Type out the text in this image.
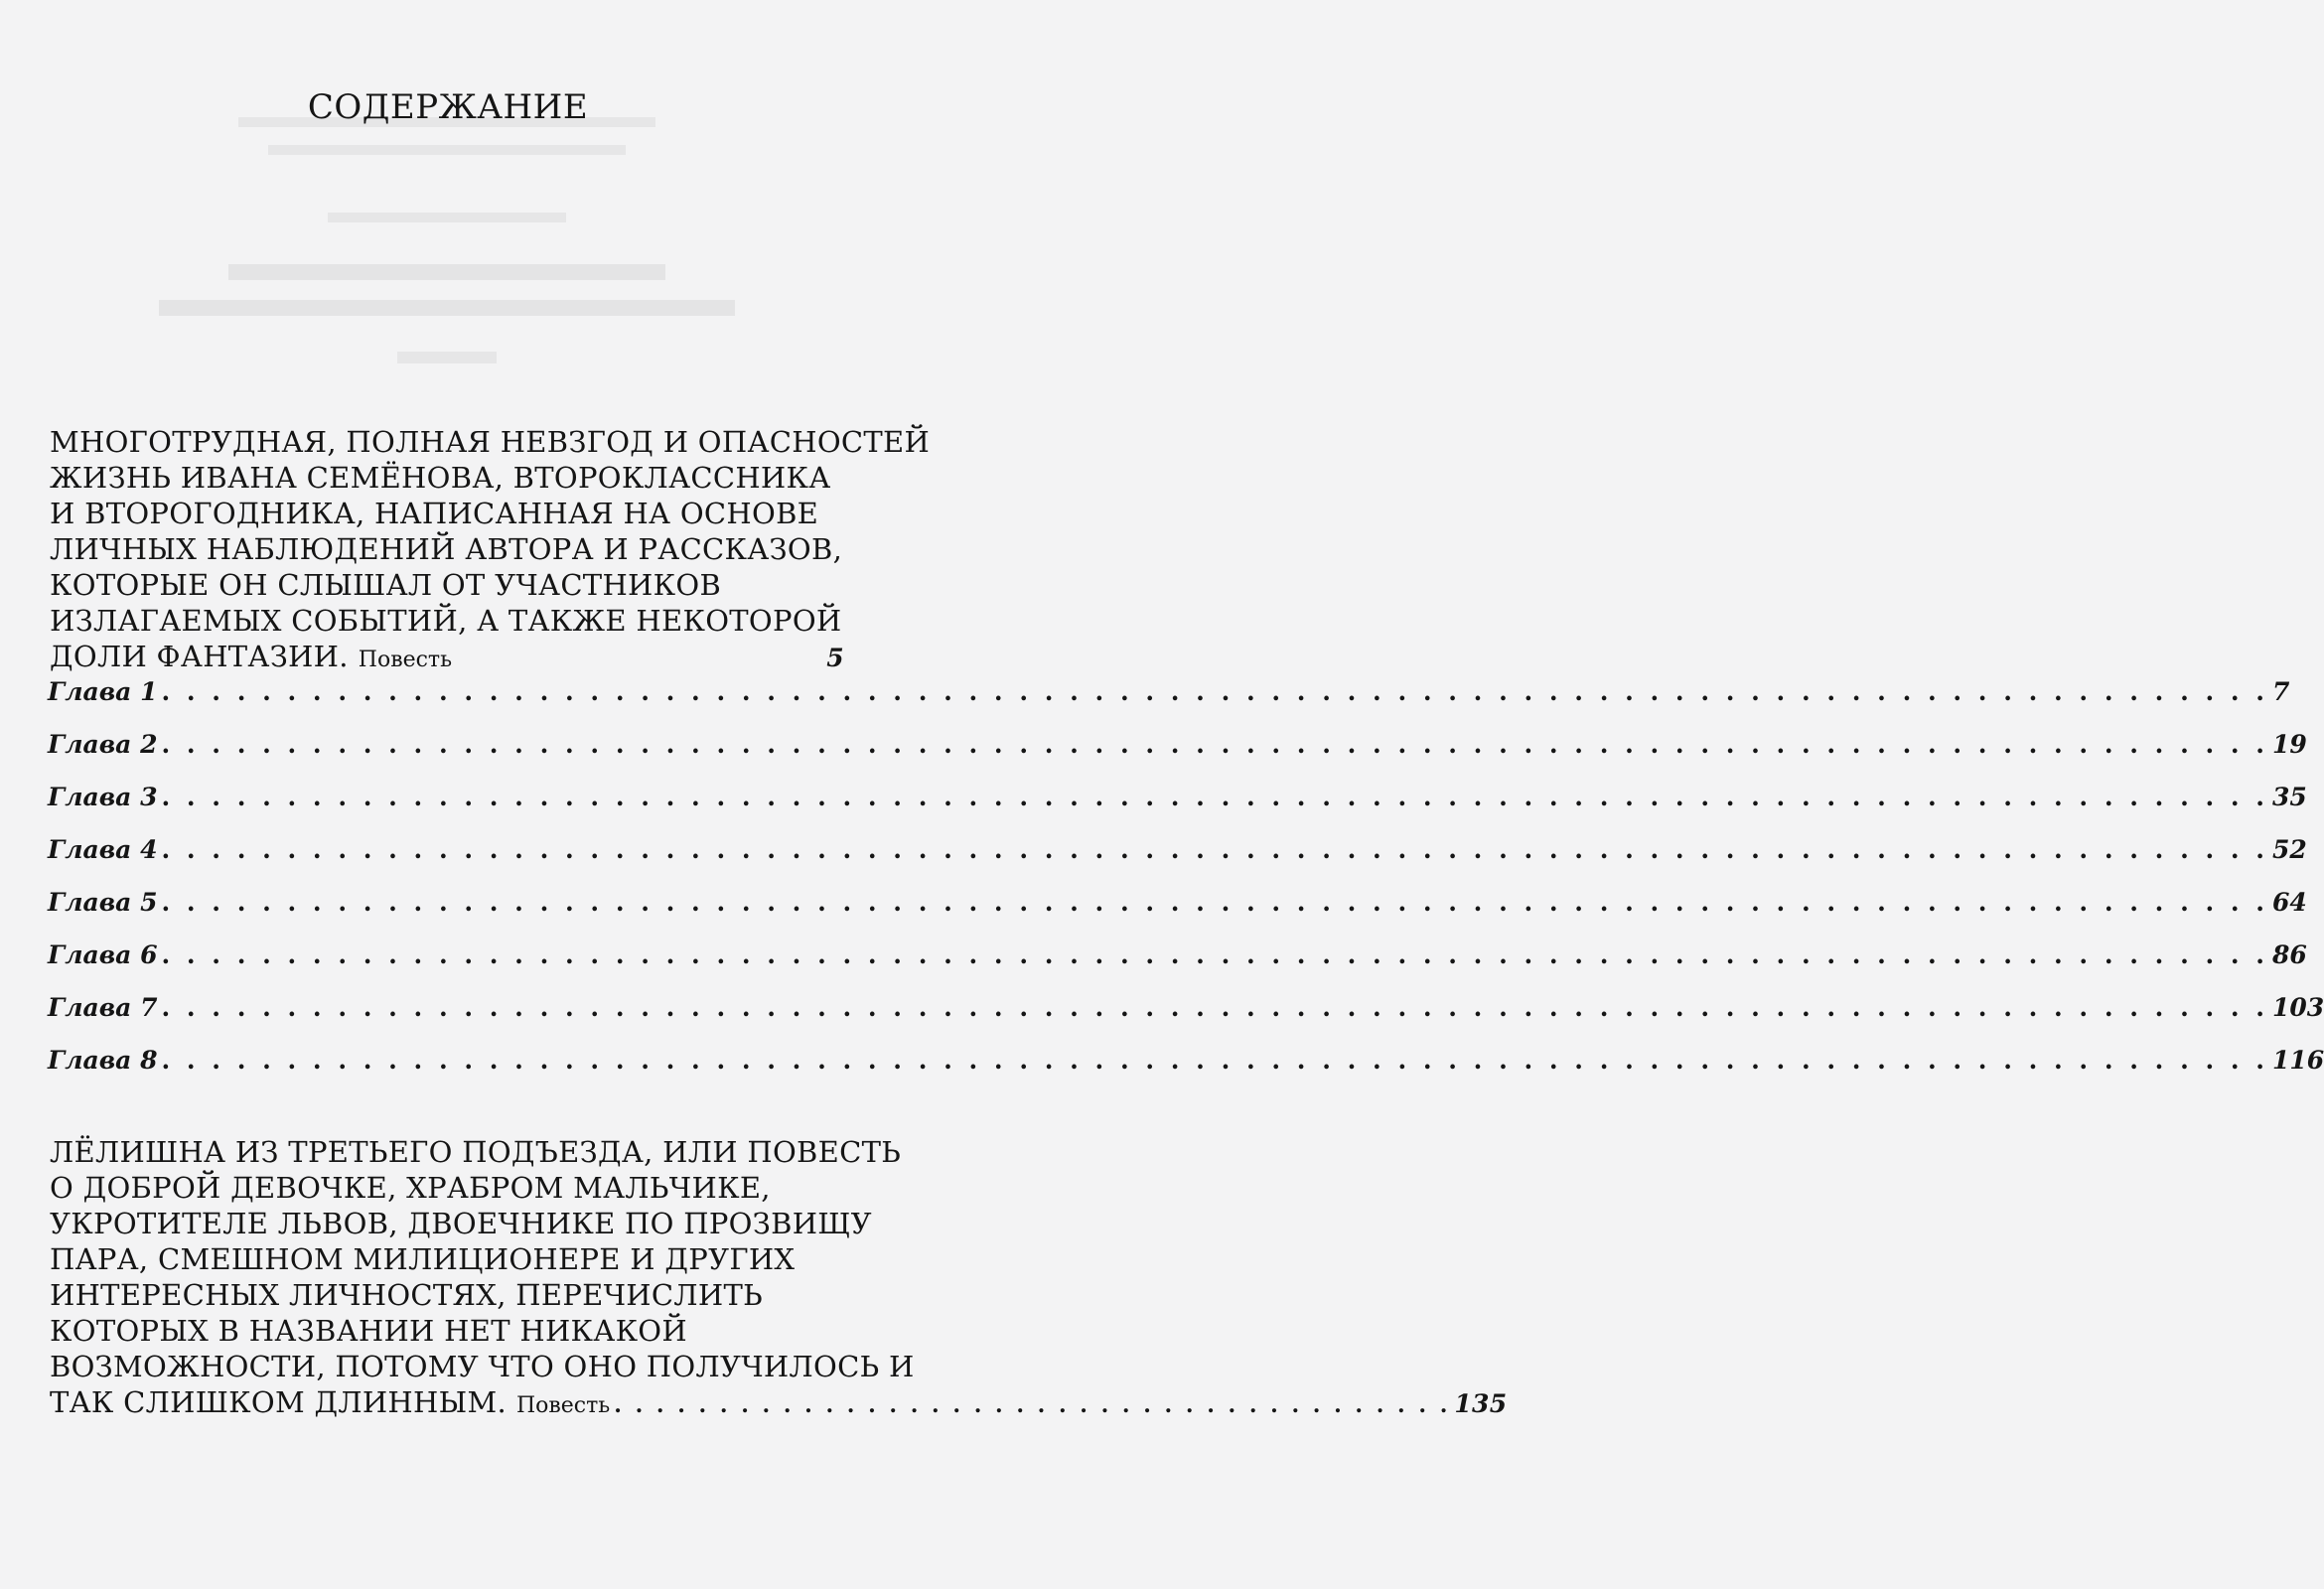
СОДЕРЖАНИЕ
МНОГОТРУДНАЯ, ПОЛНАЯ НЕВЗГОД И ОПАСНОСТЕЙ
ЖИЗНЬ ИВАНА СЕМЁНОВА, ВТОРОКЛАССНИКА
И ВТОРОГОДНИКА, НАПИСАННАЯ НА ОСНОВЕ
ЛИЧНЫХ НАБЛЮДЕНИЙ АВТОРА И РАССКАЗОВ,
КОТОРЫЕ ОН СЛЫШАЛ ОТ УЧАСТНИКОВ
ИЗЛАГАЕМЫХ СОБЫТИЙ, А ТАКЖЕ НЕКОТОРОЙ
ДОЛИ ФАНТАЗИИ. Повесть	5
Глава 1 . . .	7
Глава 2 . . .	19
Глава 3 . . .	35
Глава 4 . . .	52
Глава 5 . . .	64
Глава 6 . . .	86
Глава 7 . . .	103
Глава 8 . . .	116
ЛЁЛИШНА ИЗ ТРЕТЬЕГО ПОДЪЕЗДА, ИЛИ ПОВЕСТЬ
О ДОБРОЙ ДЕВОЧКЕ, ХРАБРОМ МАЛЬЧИКЕ,
УКРОТИТЕЛЕ ЛЬВОВ, ДВОЕЧНИКЕ ПО ПРОЗВИЩУ
ПАРА, СМЕШНОМ МИЛИЦИОНЕРЕ И ДРУГИХ
ИНТЕРЕСНЫХ ЛИЧНОСТЯХ, ПЕРЕЧИСЛИТЬ
КОТОРЫХ В НАЗВАНИИ НЕТ НИКАКОЙ
ВОЗМОЖНОСТИ, ПОТОМУ ЧТО ОНО ПОЛУЧИЛОСЬ И
ТАК СЛИШКОМ ДЛИННЫМ. Повесть . . . . . . . . . . . . . . . . . . . . . . . . . . . . . . . . . . . . . . . . 135
